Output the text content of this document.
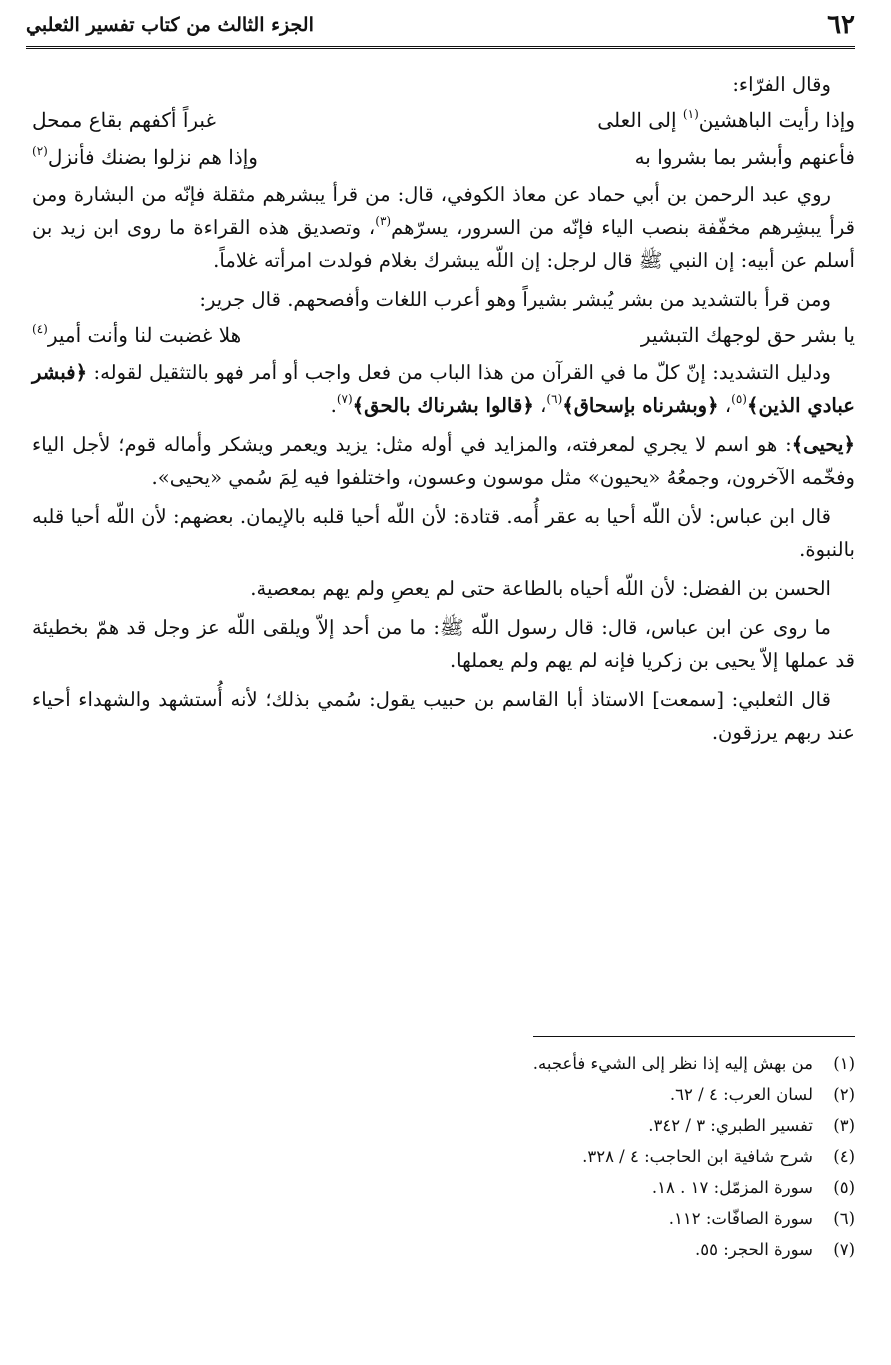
٦٢
الجزء الثالث من كتاب تفسير الثعلبي

وقال الفرّاء:

وإذا رأيت الباهشين$^{(١)}$ إلى العلى
غبراً أكفهم بقاع ممحل
فأعنهم وأبشر بما بشروا به
وإذا هم نزلوا بضنك فأنزل$^{(٢)}$

روي عبد الرحمن بن أبي حماد عن معاذ الكوفي، قال: من قرأ يبشرهم مثقلة فإنّه من البشارة ومن قرأ يبشِرهم مخفّفة بنصب الياء فإنّه من السرور، يسرّهم$^{(٣)}$، وتصديق هذه القراءة ما روى ابن زيد بن أسلم عن أبيه: إن النبي ﷺ قال لرجل: إن اللّه يبشرك بغلام فولدت امرأته غلاماً.

ومن قرأ بالتشديد من بشر يُبشر بشيراً وهو أعرب اللغات وأفصحهم. قال جرير:

يا بشر حق لوجهك التبشير
هلا غضبت لنا وأنت أمير$^{(٤)}$

ودليل التشديد: إنّ كلّ ما في القرآن من هذا الباب من فعل واجب أو أمر فهو بالتثقيل لقوله: ﴿فبشر عبادي الذين﴾$^{(٥)}$، ﴿وبشرناه بإسحاق﴾$^{(٦)}$، ﴿قالوا بشرناك بالحق﴾$^{(٧)}$.

﴿يحيى﴾: هو اسم لا يجري لمعرفته، والمزايد في أوله مثل: يزيد ويعمر ويشكر وأماله قوم؛ لأجل الياء وفخّمه الآخرون، وجمعُهُ «يحيون» مثل موسون وعسون، واختلفوا فيه لِمَ سُمي «يحيى».

قال ابن عباس: لأن اللّه أحيا به عقر أُمه. قتادة: لأن اللّه أحيا قلبه بالإيمان. بعضهم: لأن اللّه أحيا قلبه بالنبوة.

الحسن بن الفضل: لأن اللّه أحياه بالطاعة حتى لم يعصِ ولم يهم بمعصية.

ما روى عن ابن عباس، قال: قال رسول اللّه ﷺ: ما من أحد إلاّ ويلقى اللّه عز وجل قد همّ بخطيئة قد عملها إلاّ يحيى بن زكريا فإنه لم يهم ولم يعملها.

قال الثعلبي: [سمعت] الاستاذ أبا القاسم بن حبيب يقول: سُمي بذلك؛ لأنه أُستشهد والشهداء أحياء عند ربهم يرزقون.

(١)
من بهش إليه إذا نظر إلى الشيء فأعجبه.
(٢)
لسان العرب: ٤ / ٦٢.
(٣)
تفسير الطبري: ٣ / ٣٤٢.
(٤)
شرح شافية ابن الحاجب: ٤ / ٣٢٨.
(٥)
سورة المزمّل: ١٧ . ١٨.
(٦)
سورة الصافّات: ١١٢.
(٧)
سورة الحجر: ٥٥.
